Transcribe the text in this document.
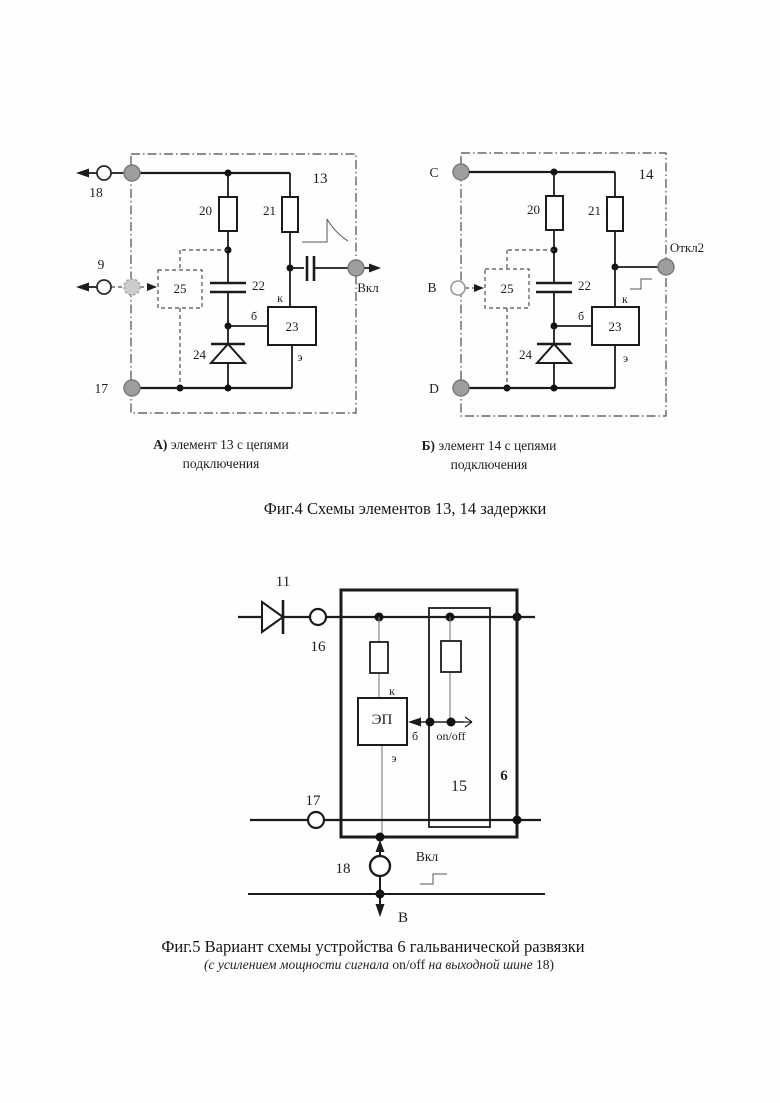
13
18
20	21
Вкл
к
23
б
э
22
24
25
9
17
14
C
20	21
Откл2
к
23
б
э
22
24
25
B
D
11
16
15
6
к
ЭП
б
э
on/off
17
18
Вкл
В
А) элемент 13 с цепями
подключения
Б) элемент 14 с цепями
подключения
Фиг.4 Схемы элементов 13, 14 задержки
Фиг.5 Вариант схемы устройства 6 гальванической развязки
(с усилением мощности сигнала on/off на выходной шине 18)
